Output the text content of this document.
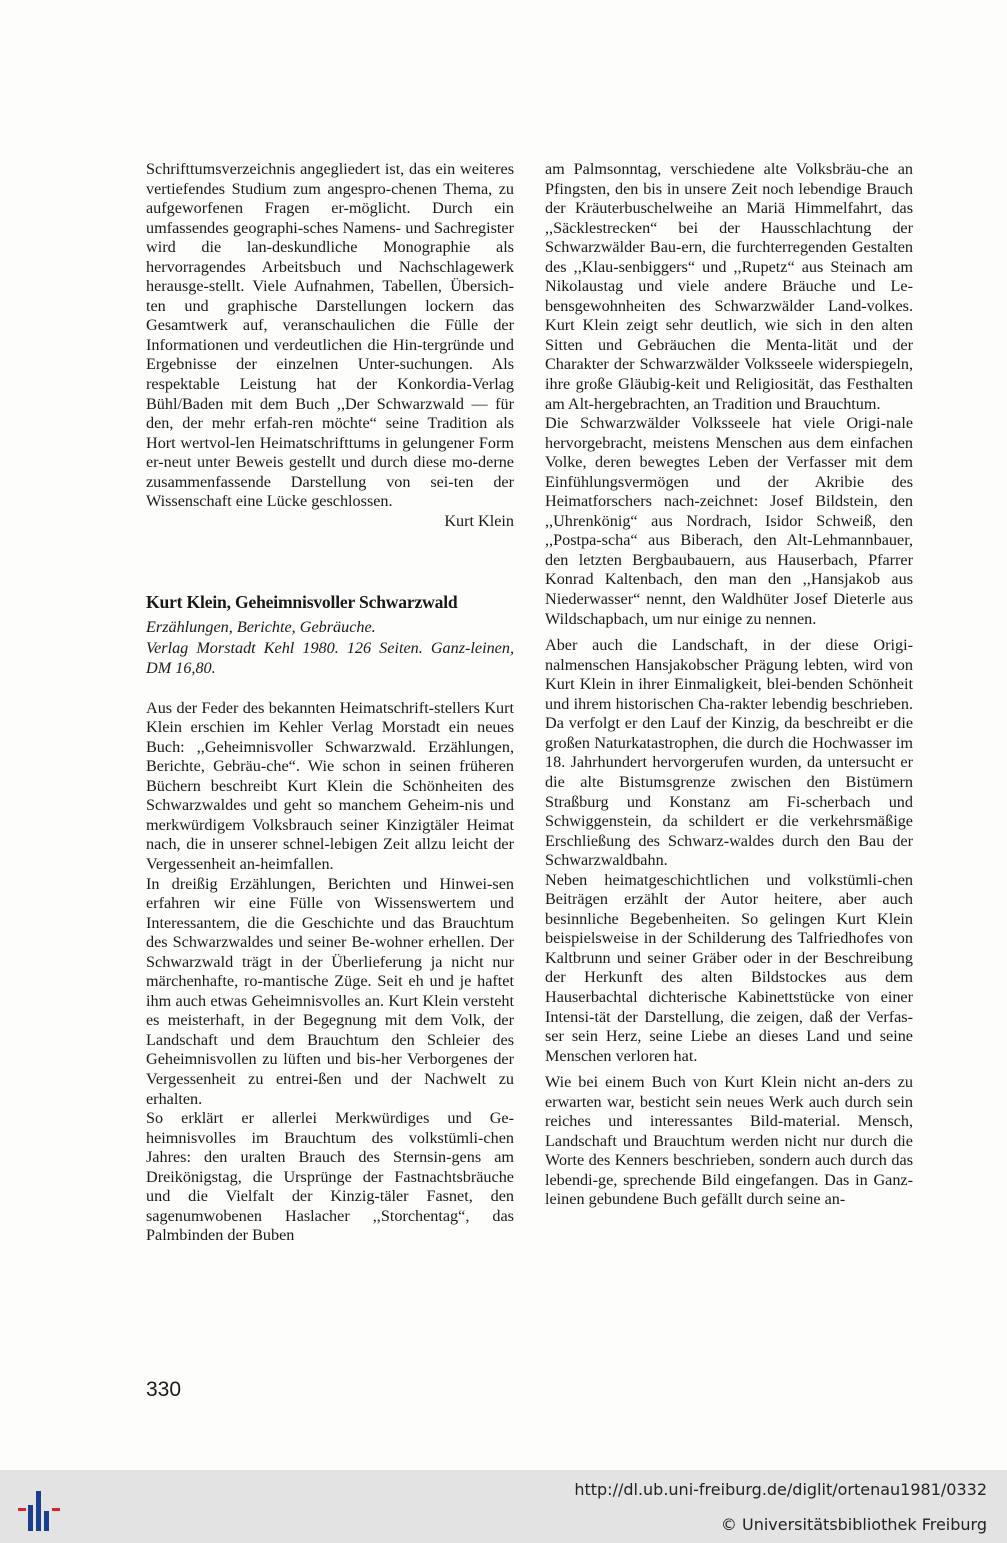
Schrifttumsverzeichnis angegliedert ist, das ein weiteres vertiefendes Studium zum angespro-chenen Thema, zu aufgeworfenen Fragen er-möglicht. Durch ein umfassendes geographi-sches Namens- und Sachregister wird die lan-deskundliche Monographie als hervorragendes Arbeitsbuch und Nachschlagewerk herausge-stellt. Viele Aufnahmen, Tabellen, Übersich-ten und graphische Darstellungen lockern das Gesamtwerk auf, veranschaulichen die Fülle der Informationen und verdeutlichen die Hin-tergründe und Ergebnisse der einzelnen Unter-suchungen. Als respektable Leistung hat der Konkordia-Verlag Bühl/Baden mit dem Buch ,,Der Schwarzwald — für den, der mehr erfah-ren möchte“ seine Tradition als Hort wertvol-len Heimatschrifttums in gelungener Form er-neut unter Beweis gestellt und durch diese mo-derne zusammenfassende Darstellung von sei-ten der Wissenschaft eine Lücke geschlossen.

Kurt Klein

Kurt Klein, Geheimnisvoller Schwarzwald
Erzählungen, Berichte, Gebräuche.
Verlag Morstadt Kehl 1980. 126 Seiten. Ganz-leinen, DM 16,80.

Aus der Feder des bekannten Heimatschrift-stellers Kurt Klein erschien im Kehler Verlag Morstadt ein neues Buch: ,,Geheimnisvoller Schwarzwald. Erzählungen, Berichte, Gebräu-che“. Wie schon in seinen früheren Büchern beschreibt Kurt Klein die Schönheiten des Schwarzwaldes und geht so manchem Geheim-nis und merkwürdigem Volksbrauch seiner Kinzigtäler Heimat nach, die in unserer schnel-lebigen Zeit allzu leicht der Vergessenheit an-heimfallen.

In dreißig Erzählungen, Berichten und Hinwei-sen erfahren wir eine Fülle von Wissenswertem und Interessantem, die die Geschichte und das Brauchtum des Schwarzwaldes und seiner Be-wohner erhellen. Der Schwarzwald trägt in der Überlieferung ja nicht nur märchenhafte, ro-mantische Züge. Seit eh und je haftet ihm auch etwas Geheimnisvolles an. Kurt Klein versteht es meisterhaft, in der Begegnung mit dem Volk, der Landschaft und dem Brauchtum den Schleier des Geheimnisvollen zu lüften und bis-her Verborgenes der Vergessenheit zu entrei-ßen und der Nachwelt zu erhalten.

So erklärt er allerlei Merkwürdiges und Ge-heimnisvolles im Brauchtum des volkstümli-chen Jahres: den uralten Brauch des Sternsin-gens am Dreikönigstag, die Ursprünge der Fastnachtsbräuche und die Vielfalt der Kinzig-täler Fasnet, den sagenumwobenen Haslacher ,,Storchentag“, das Palmbinden der Buben

am Palmsonntag, verschiedene alte Volksbräu-che an Pfingsten, den bis in unsere Zeit noch lebendige Brauch der Kräuterbuschelweihe an Mariä Himmelfahrt, das ,,Säcklestrecken“ bei der Hausschlachtung der Schwarzwälder Bau-ern, die furchterregenden Gestalten des ,,Klau-senbiggers“ und ,,Rupetz“ aus Steinach am Nikolaustag und viele andere Bräuche und Le-bensgewohnheiten des Schwarzwälder Land-volkes. Kurt Klein zeigt sehr deutlich, wie sich in den alten Sitten und Gebräuchen die Menta-lität und der Charakter der Schwarzwälder Volksseele widerspiegeln, ihre große Gläubig-keit und Religiosität, das Festhalten am Alt-hergebrachten, an Tradition und Brauchtum.

Die Schwarzwälder Volksseele hat viele Origi-nale hervorgebracht, meistens Menschen aus dem einfachen Volke, deren bewegtes Leben der Verfasser mit dem Einfühlungsvermögen und der Akribie des Heimatforschers nach-zeichnet: Josef Bildstein, den ,,Uhrenkönig“ aus Nordrach, Isidor Schweiß, den ,,Postpa-scha“ aus Biberach, den Alt-Lehmannbauer, den letzten Bergbaubauern, aus Hauserbach, Pfarrer Konrad Kaltenbach, den man den ,,Hansjakob aus Niederwasser“ nennt, den Waldhüter Josef Dieterle aus Wildschapbach, um nur einige zu nennen.

Aber auch die Landschaft, in der diese Origi-nalmenschen Hansjakobscher Prägung lebten, wird von Kurt Klein in ihrer Einmaligkeit, blei-benden Schönheit und ihrem historischen Cha-rakter lebendig beschrieben. Da verfolgt er den Lauf der Kinzig, da beschreibt er die großen Naturkatastrophen, die durch die Hochwasser im 18. Jahrhundert hervorgerufen wurden, da untersucht er die alte Bistumsgrenze zwischen den Bistümern Straßburg und Konstanz am Fi-scherbach und Schwiggenstein, da schildert er die verkehrsmäßige Erschließung des Schwarz-waldes durch den Bau der Schwarzwaldbahn.

Neben heimatgeschichtlichen und volkstümli-chen Beiträgen erzählt der Autor heitere, aber auch besinnliche Begebenheiten. So gelingen Kurt Klein beispielsweise in der Schilderung des Talfriedhofes von Kaltbrunn und seiner Gräber oder in der Beschreibung der Herkunft des alten Bildstockes aus dem Hauserbachtal dichterische Kabinettstücke von einer Intensi-tät der Darstellung, die zeigen, daß der Verfas-ser sein Herz, seine Liebe an dieses Land und seine Menschen verloren hat.

Wie bei einem Buch von Kurt Klein nicht an-ders zu erwarten war, besticht sein neues Werk auch durch sein reiches und interessantes Bild-material. Mensch, Landschaft und Brauchtum werden nicht nur durch die Worte des Kenners beschrieben, sondern auch durch das lebendi-ge, sprechende Bild eingefangen. Das in Ganz-leinen gebundene Buch gefällt durch seine an-

330
http://dl.ub.uni-freiburg.de/diglit/ortenau1981/0332
© Universitätsbibliothek Freiburg
